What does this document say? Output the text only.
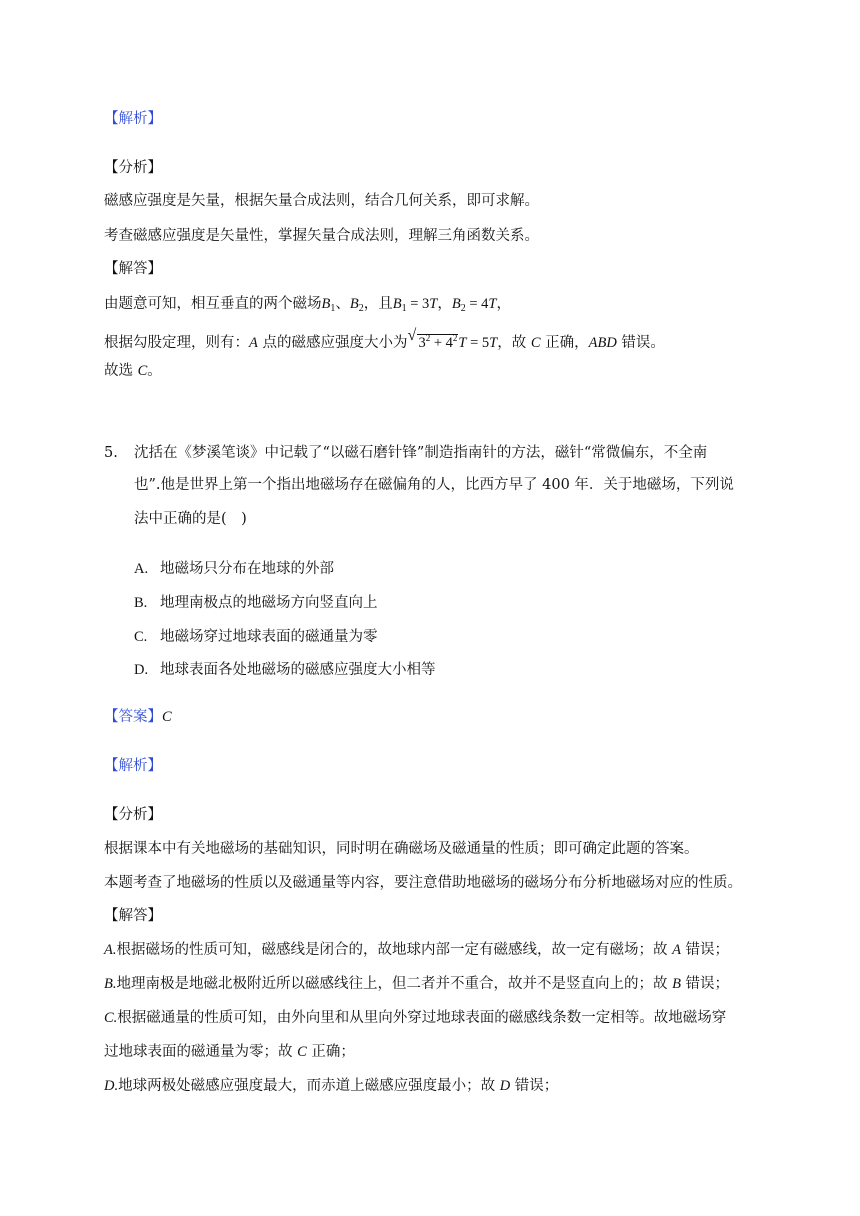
【解析】
【分析】
磁感应强度是矢量，根据矢量合成法则，结合几何关系，即可求解。
考查磁感应强度是矢量性，掌握矢量合成法则，理解三角函数关系。
【解答】
由题意可知，相互垂直的两个磁场$B_1$、$B_2$，且$B_1 = 3T$，$B_2 = 4T$，
根据勾股定理，则有：A 点的磁感应强度大小为 √ $3^2 + 4^2T = 5T$，故 C 正确，ABD 错误。
故选 C。
5. 沈括在《梦溪笔谈》中记载了“以磁石磨针锋”制造指南针的方法，磁针“常微偏东，不全南
也”.他是世界上第一个指出地磁场存在磁偏角的人，比西方早了 400 年．关于地磁场，下列说
法中正确的是(　)
A. 地磁场只分布在地球的外部
B. 地理南极点的地磁场方向竖直向上
C. 地磁场穿过地球表面的磁通量为零
D. 地球表面各处地磁场的磁感应强度大小相等
【答案】C
【解析】
【分析】
根据课本中有关地磁场的基础知识，同时明在确磁场及磁通量的性质；即可确定此题的答案。
本题考查了地磁场的性质以及磁通量等内容，要注意借助地磁场的磁场分布分析地磁场对应的性质。
【解答】
A.根据磁场的性质可知，磁感线是闭合的，故地球内部一定有磁感线，故一定有磁场；故 A 错误；
B.地理南极是地磁北极附近所以磁感线往上，但二者并不重合，故并不是竖直向上的；故 B 错误；
C.根据磁通量的性质可知，由外向里和从里向外穿过地球表面的磁感线条数一定相等。故地磁场穿
过地球表面的磁通量为零；故 C 正确；
D.地球两极处磁感应强度最大，而赤道上磁感应强度最小；故 D 错误；
